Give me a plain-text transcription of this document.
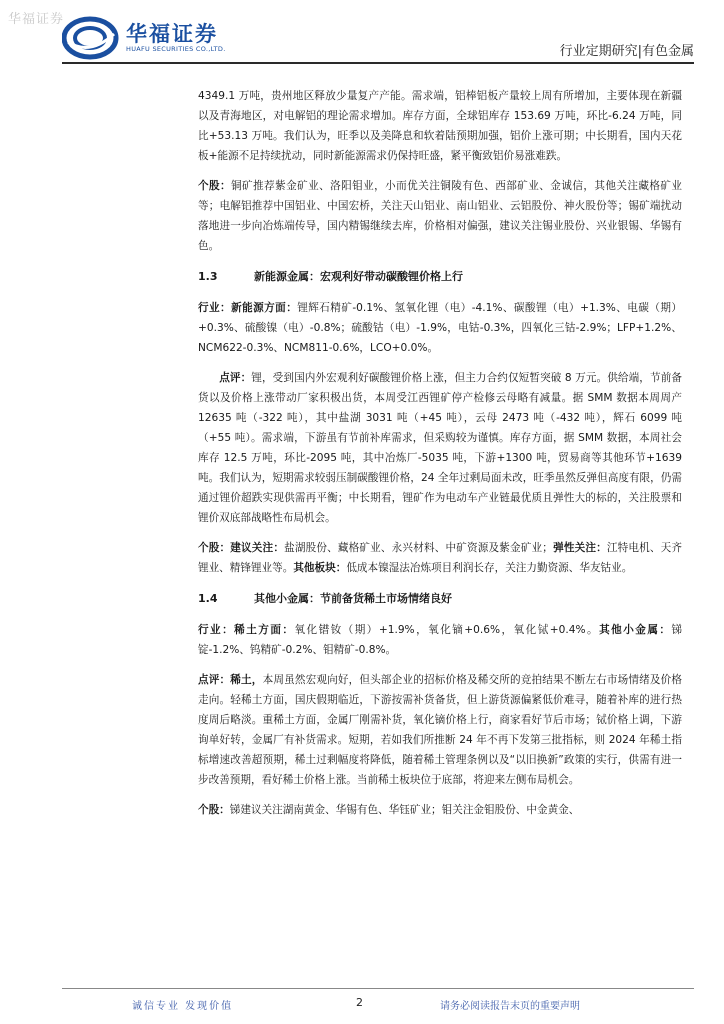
华福证券
华福证券
HUAFU SECURITIES CO.,LTD.	行业定期研究|有色金属

4349.1 万吨，贵州地区释放少量复产产能。需求端，铝棒铝板产量较上周有所增加，主要体现在新疆以及青海地区，对电解铝的理论需求增加。库存方面，全球铝库存 153.69 万吨，环比-6.24 万吨，同比+53.13 万吨。我们认为，旺季以及美降息和软着陆预期加强，铝价上涨可期；中长期看，国内天花板+能源不足持续扰动，同时新能源需求仍保持旺盛，紧平衡致铝价易涨难跌。

个股：铜矿推荐紫金矿业、洛阳钼业，小而优关注铜陵有色、西部矿业、金诚信，其他关注藏格矿业等；电解铝推荐中国铝业、中国宏桥，关注天山铝业、南山铝业、云铝股份、神火股份等；锡矿端扰动落地进一步向冶炼端传导，国内精锡继续去库，价格相对偏强，建议关注锡业股份、兴业银锡、华锡有色。

1.3	新能源金属：宏观利好带动碳酸锂价格上行

行业：新能源方面：锂辉石精矿-0.1%、氢氧化锂（电）-4.1%、碳酸锂（电）+1.3%、电碳（期）+0.3%、硫酸镍（电）-0.8%；硫酸钴（电）-1.9%，电钴-0.3%，四氧化三钴-2.9%；LFP+1.2%、NCM622-0.3%、NCM811-0.6%，LCO+0.0%。

点评：锂，受到国内外宏观利好碳酸锂价格上涨，但主力合约仅短暂突破 8 万元。供给端，节前备货以及价格上涨带动厂家积极出货，本周受江西锂矿停产检修云母略有减量。据 SMM 数据本周周产 12635 吨（-322 吨），其中盐湖 3031 吨（+45 吨），云母 2473 吨（-432 吨），辉石 6099 吨（+55 吨）。需求端，下游虽有节前补库需求，但采购较为谨慎。库存方面，据 SMM 数据，本周社会库存 12.5 万吨，环比-2095 吨，其中冶炼厂-5035 吨，下游+1300 吨，贸易商等其他环节+1639 吨。我们认为，短期需求较弱压制碳酸锂价格，24 全年过剩局面未改，旺季虽然反弹但高度有限，仍需通过锂价超跌实现供需再平衡；中长期看，锂矿作为电动车产业链最优质且弹性大的标的，关注股票和锂价双底部战略性布局机会。

个股：建议关注：盐湖股份、藏格矿业、永兴材料、中矿资源及紫金矿业；弹性关注：江特电机、天齐锂业、精锋锂业等。其他板块：低成本镍湿法冶炼项目利润长存，关注力勤资源、华友钴业。

1.4	其他小金属：节前备货稀土市场情绪良好

行业：稀土方面：氧化镨钕（期）+1.9%，氧化镝+0.6%，氧化铽+0.4%。其他小金属：锑锭-1.2%、钨精矿-0.2%、钼精矿-0.8%。

点评：稀土，本周虽然宏观向好，但头部企业的招标价格及稀交所的竞拍结果不断左右市场情绪及价格走向。轻稀土方面，国庆假期临近，下游按需补货备货，但上游货源偏紧低价难寻，随着补库的进行热度周后略淡。重稀土方面，金属厂刚需补货，氧化镝价格上行，商家看好节后市场；铽价格上调，下游询单好转，金属厂有补货需求。短期，若如我们所推断 24 年不再下发第三批指标，则 2024 年稀土指标增速改善超预期，稀土过剩幅度将降低，随着稀土管理条例以及“以旧换新”政策的实行，供需有进一步改善预期，看好稀土价格上涨。当前稀土板块位于底部，将迎来左侧布局机会。

个股：锑建议关注湖南黄金、华锡有色、华钰矿业；钼关注金钼股份、中金黄金、

诚信专业 发现价值	2	请务必阅读报告末页的重要声明
